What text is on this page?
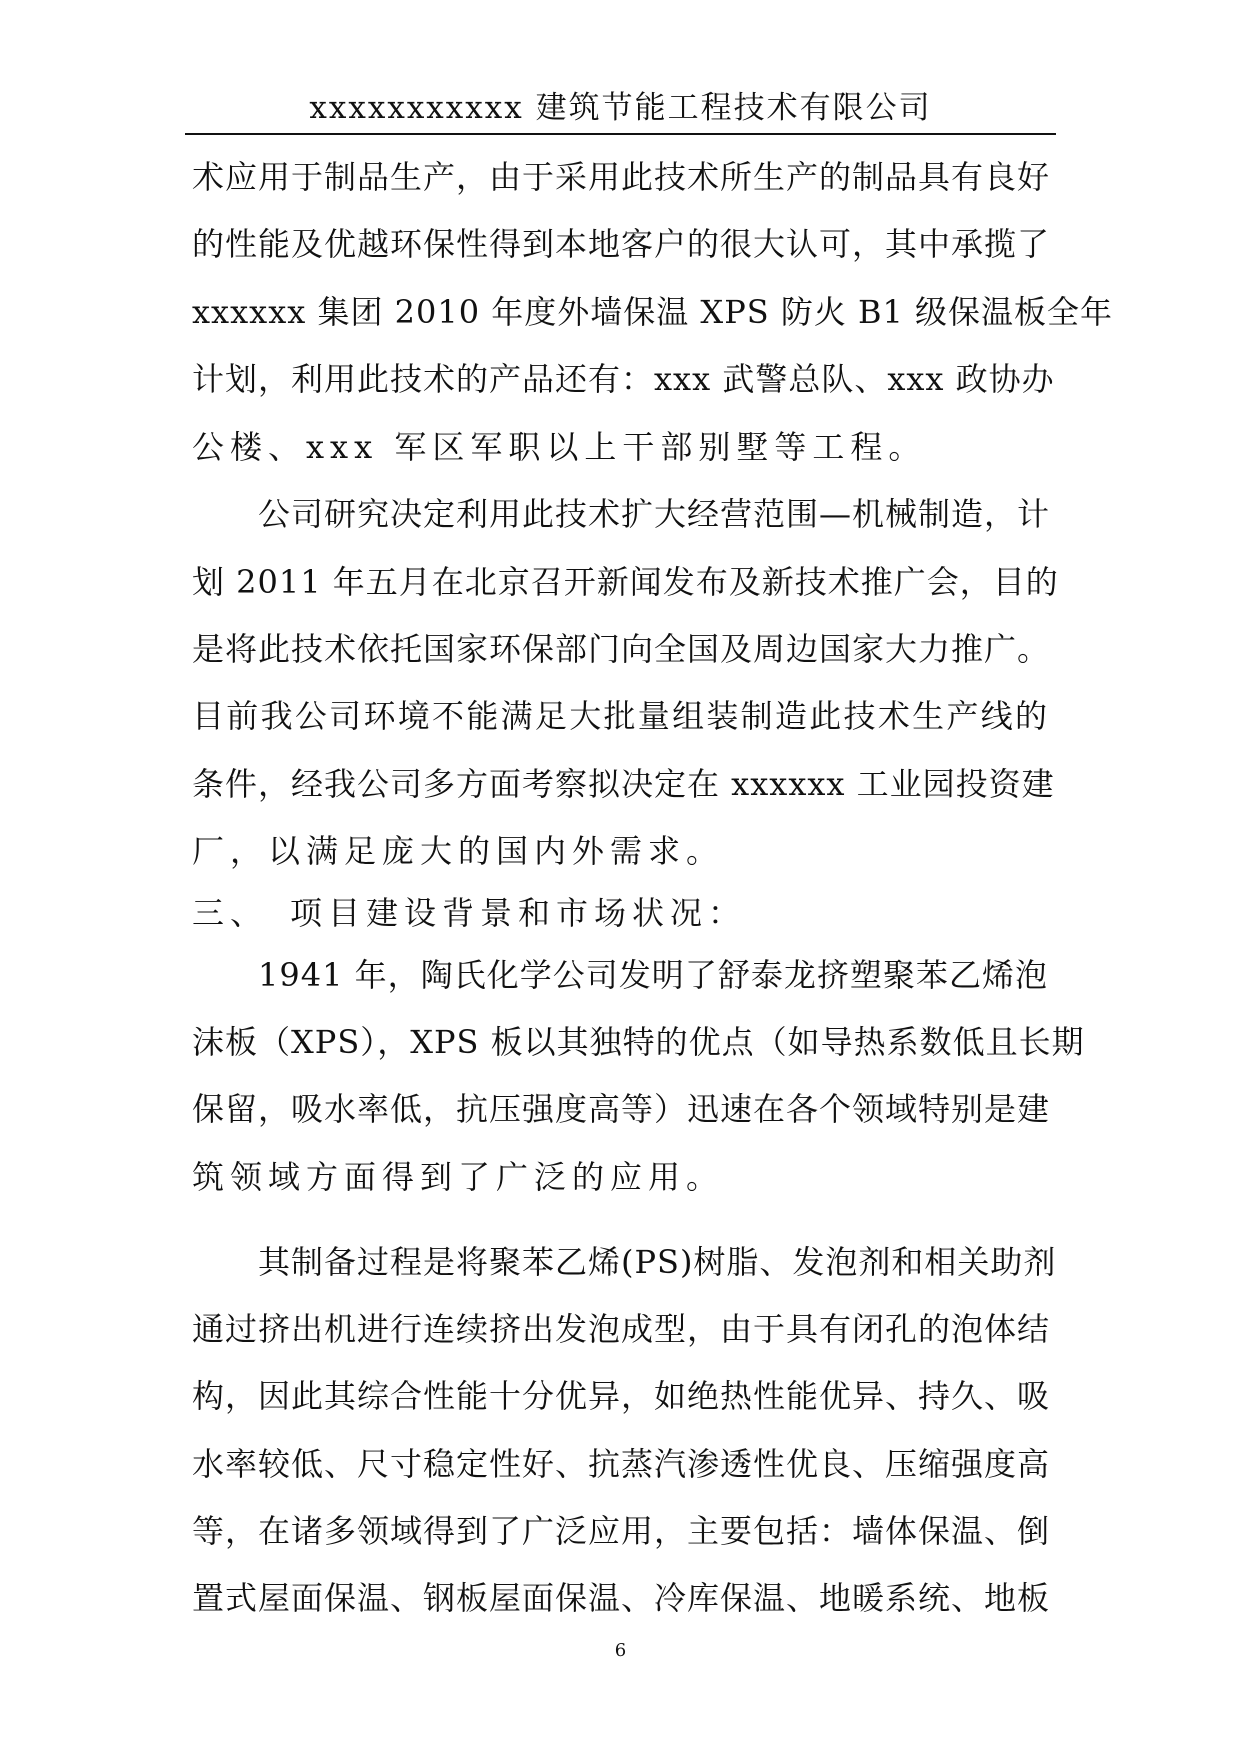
xxxxxxxxxxx 建筑节能工程技术有限公司
术应用于制品生产，由于采用此技术所生产的制品具有良好
的性能及优越环保性得到本地客户的很大认可，其中承揽了
xxxxxx 集团 2010 年度外墙保温 XPS 防火 B1 级保温板全年
计划，利用此技术的产品还有：xxx 武警总队、xxx 政协办
公楼、xxx 军区军职以上干部别墅等工程。
　　公司研究决定利用此技术扩大经营范围—机械制造，计
划 2011 年五月在北京召开新闻发布及新技术推广会，目的
是将此技术依托国家环保部门向全国及周边国家大力推广。
目前我公司环境不能满足大批量组装制造此技术生产线的
条件，经我公司多方面考察拟决定在 xxxxxx 工业园投资建
厂，以满足庞大的国内外需求。
三、　项目建设背景和市场状况：
　　1941 年，陶氏化学公司发明了舒泰龙挤塑聚苯乙烯泡
沫板（XPS），XPS 板以其独特的优点（如导热系数低且长期
保留，吸水率低，抗压强度高等）迅速在各个领域特别是建
筑领域方面得到了广泛的应用。
　　其制备过程是将聚苯乙烯(PS)树脂、发泡剂和相关助剂
通过挤出机进行连续挤出发泡成型，由于具有闭孔的泡体结
构，因此其综合性能十分优异，如绝热性能优异、持久、吸
水率较低、尺寸稳定性好、抗蒸汽渗透性优良、压缩强度高
等，在诸多领域得到了广泛应用，主要包括：墙体保温、倒
置式屋面保温、钢板屋面保温、冷库保温、地暖系统、地板
6
